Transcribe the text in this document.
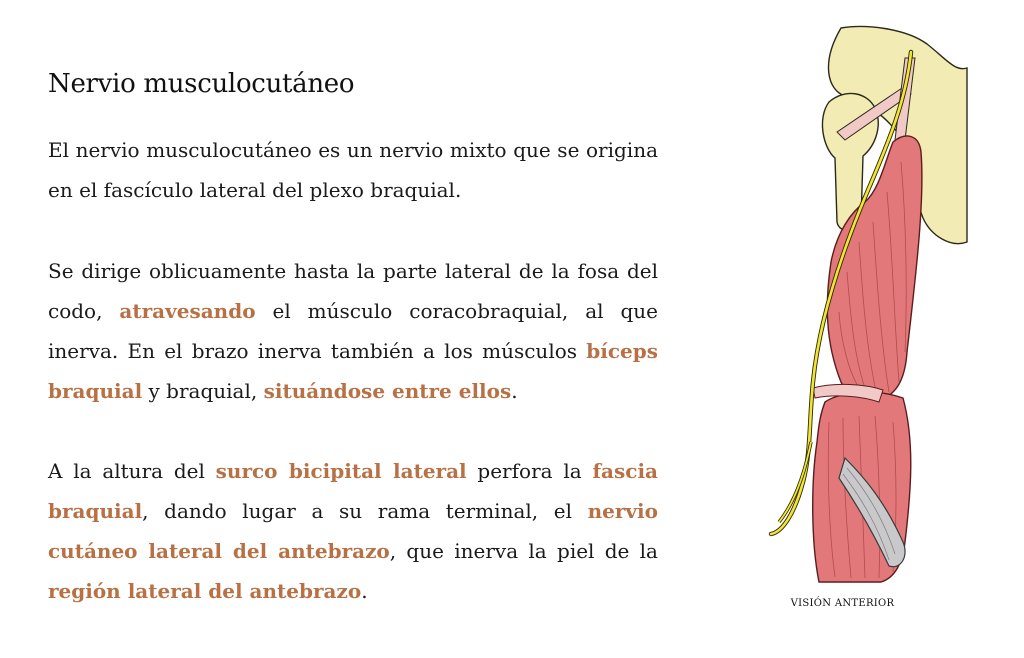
Nervio musculocutáneo
El nervio musculocutáneo es un nervio mixto que se origina en el fascículo lateral del plexo braquial.
Se dirige oblicuamente hasta la parte lateral de la fosa del codo, atravesando el músculo coracobraquial, al que inerva. En el brazo inerva también a los músculos bíceps braquial y braquial, situándose entre ellos.
A la altura del surco bicipital lateral perfora la fascia braquial, dando lugar a su rama terminal, el nervio cutáneo lateral del antebrazo, que inerva la piel de la región lateral del antebrazo.
VISIÓN ANTERIOR
